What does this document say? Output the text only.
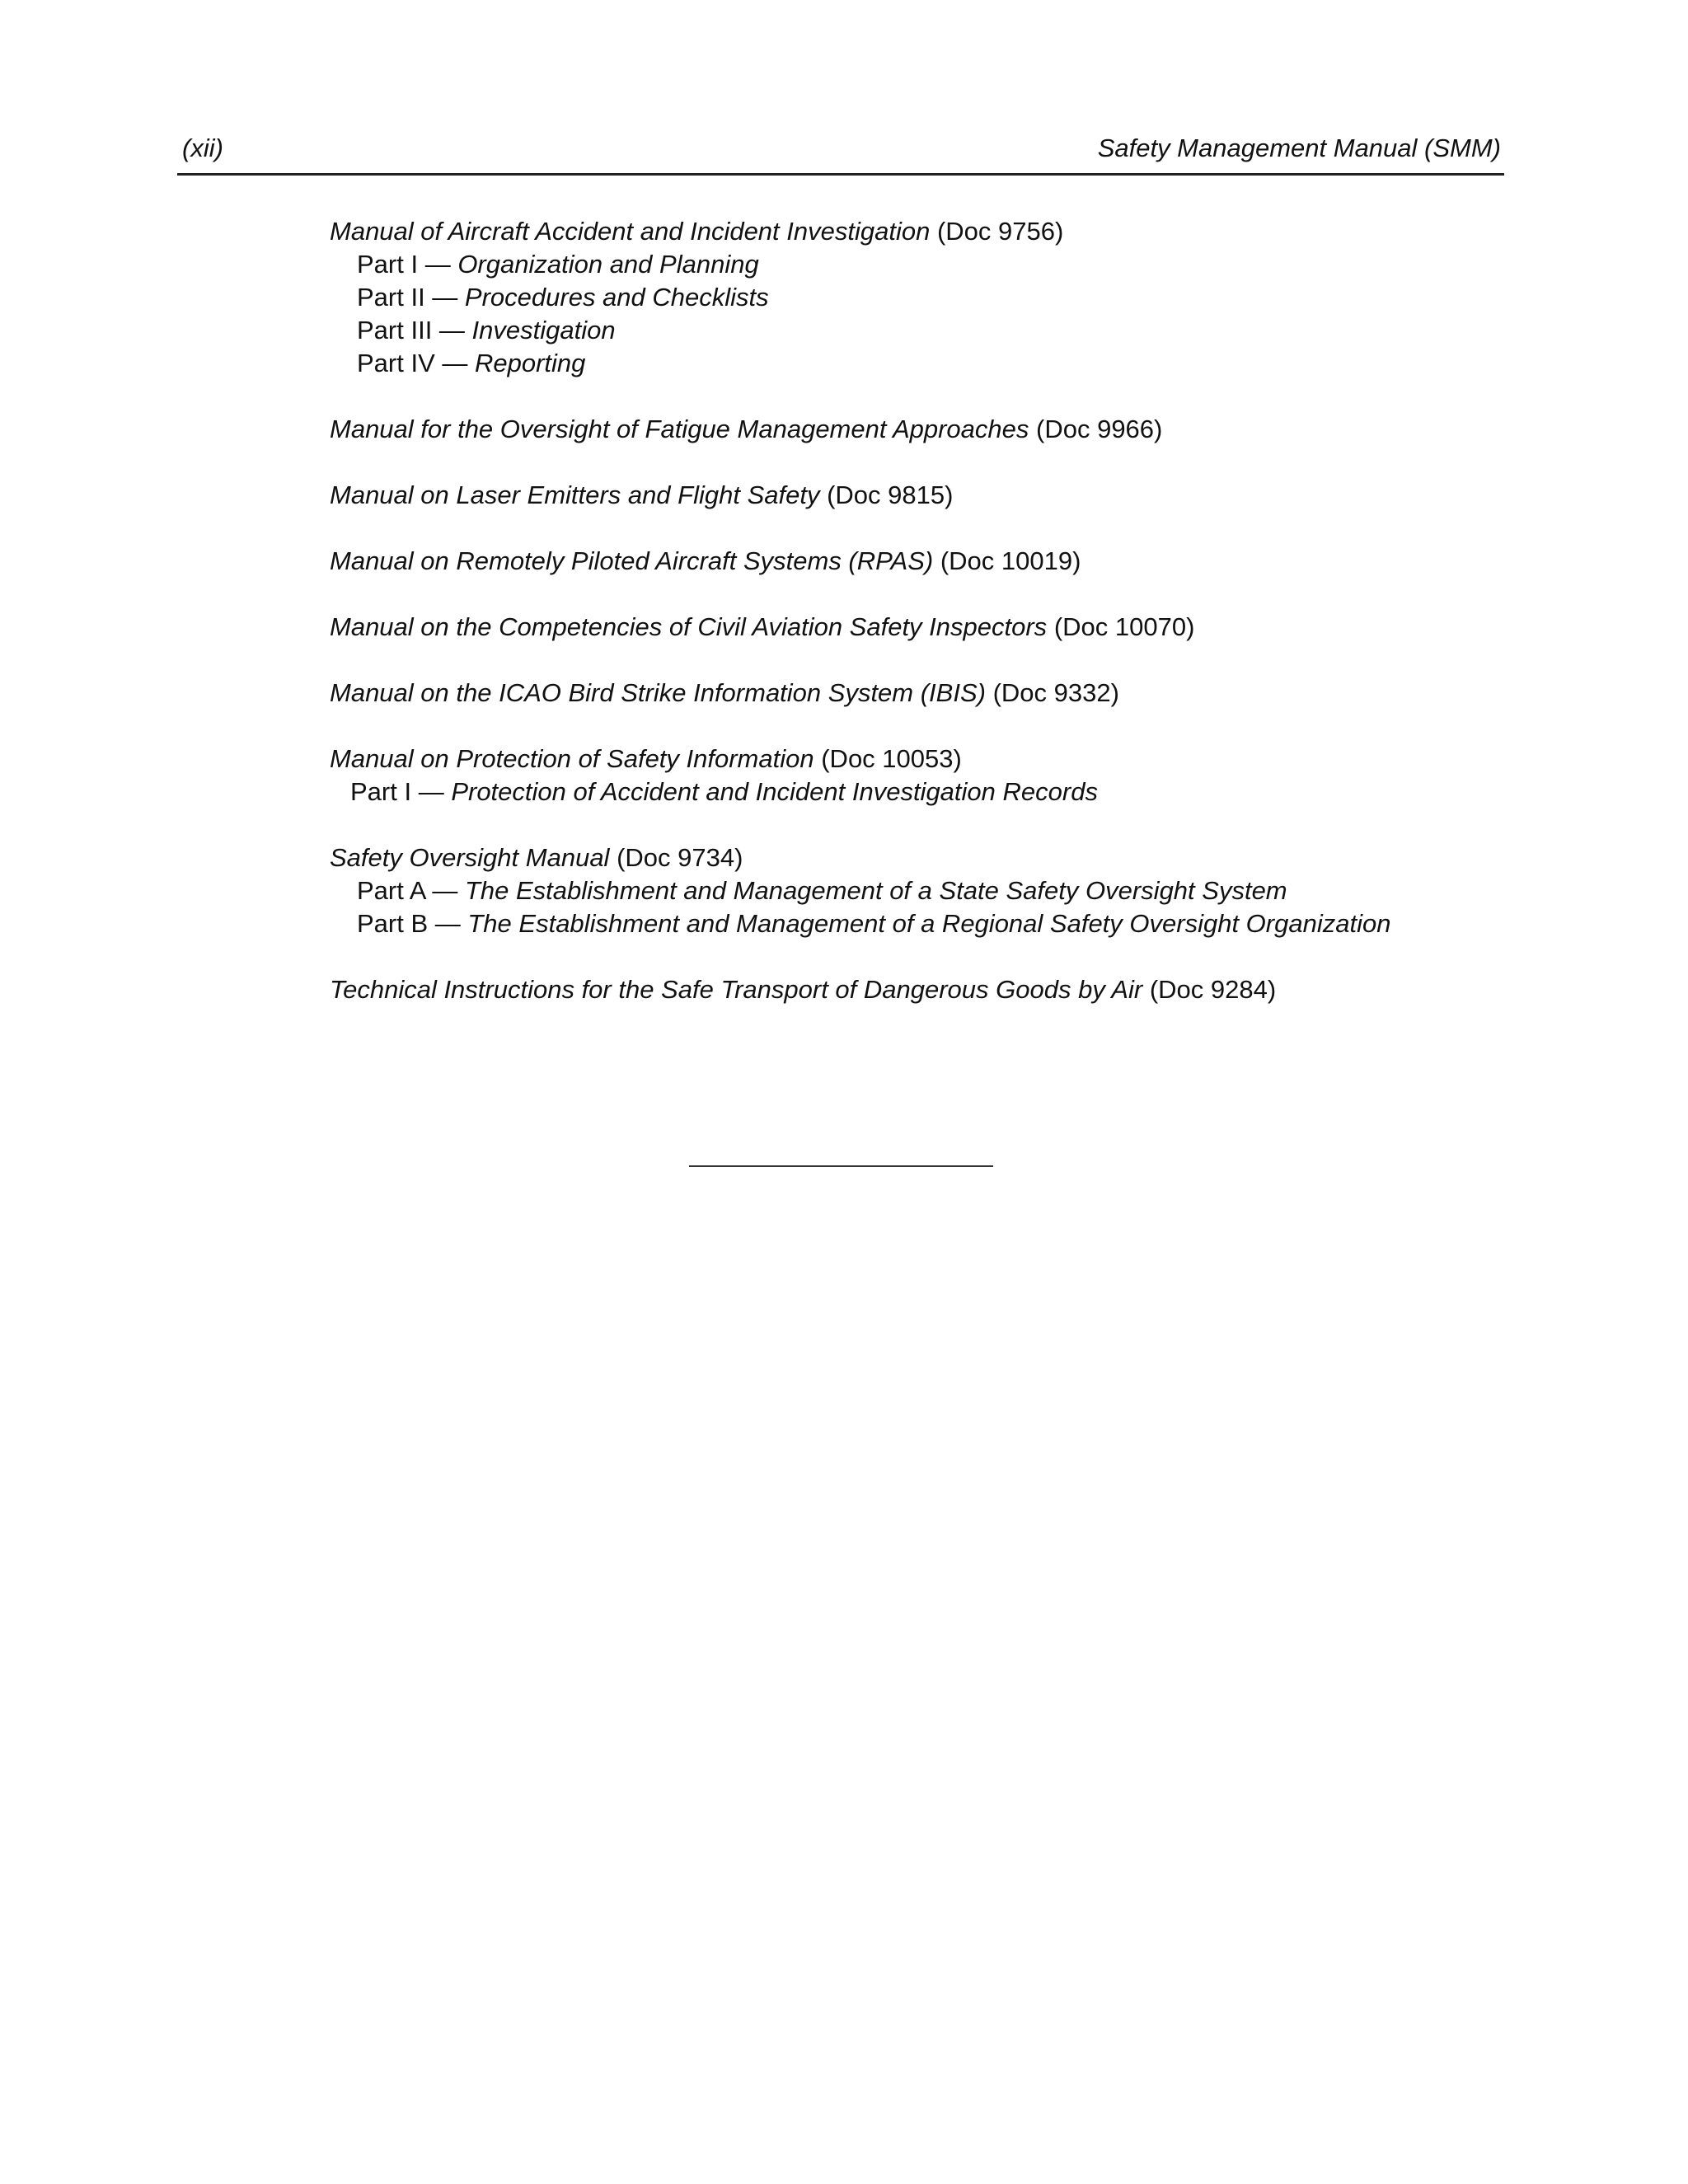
(xii)	Safety Management Manual (SMM)
Manual of Aircraft Accident and Incident Investigation (Doc 9756)
Part I — Organization and Planning
Part II — Procedures and Checklists
Part III — Investigation
Part IV — Reporting
Manual for the Oversight of Fatigue Management Approaches (Doc 9966)
Manual on Laser Emitters and Flight Safety (Doc 9815)
Manual on Remotely Piloted Aircraft Systems (RPAS) (Doc 10019)
Manual on the Competencies of Civil Aviation Safety Inspectors (Doc 10070)
Manual on the ICAO Bird Strike Information System (IBIS) (Doc 9332)
Manual on Protection of Safety Information (Doc 10053)
Part I — Protection of Accident and Incident Investigation Records
Safety Oversight Manual (Doc 9734)
Part A — The Establishment and Management of a State Safety Oversight System
Part B — The Establishment and Management of a Regional Safety Oversight Organization
Technical Instructions for the Safe Transport of Dangerous Goods by Air (Doc 9284)
